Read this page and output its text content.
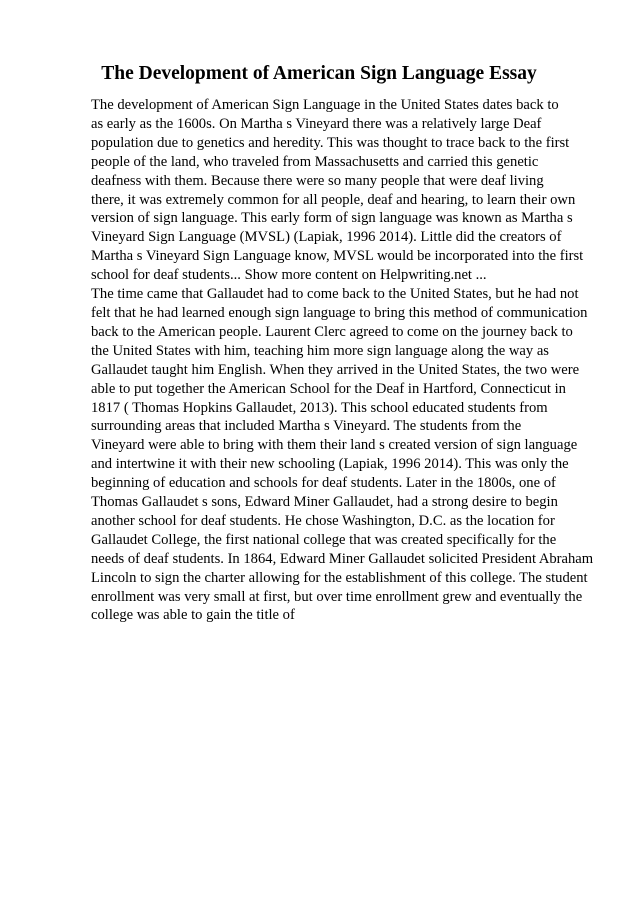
The Development of American Sign Language Essay
The development of American Sign Language in the United States dates back to
as early as the 1600s. On Martha s Vineyard there was a relatively large Deaf
population due to genetics and heredity. This was thought to trace back to the first
people of the land, who traveled from Massachusetts and carried this genetic
deafness with them. Because there were so many people that were deaf living
there, it was extremely common for all people, deaf and hearing, to learn their own
version of sign language. This early form of sign language was known as Martha s
Vineyard Sign Language (MVSL) (Lapiak, 1996 2014). Little did the creators of
Martha s Vineyard Sign Language know, MVSL would be incorporated into the first
school for deaf students... Show more content on Helpwriting.net ...
The time came that Gallaudet had to come back to the United States, but he had not
felt that he had learned enough sign language to bring this method of communication
back to the American people. Laurent Clerc agreed to come on the journey back to
the United States with him, teaching him more sign language along the way as
Gallaudet taught him English. When they arrived in the United States, the two were
able to put together the American School for the Deaf in Hartford, Connecticut in
1817 ( Thomas Hopkins Gallaudet, 2013). This school educated students from
surrounding areas that included Martha s Vineyard. The students from the
Vineyard were able to bring with them their land s created version of sign language
and intertwine it with their new schooling (Lapiak, 1996 2014). This was only the
beginning of education and schools for deaf students. Later in the 1800s, one of
Thomas Gallaudet s sons, Edward Miner Gallaudet, had a strong desire to begin
another school for deaf students. He chose Washington, D.C. as the location for
Gallaudet College, the first national college that was created specifically for the
needs of deaf students. In 1864, Edward Miner Gallaudet solicited President Abraham
Lincoln to sign the charter allowing for the establishment of this college. The student
enrollment was very small at first, but over time enrollment grew and eventually the
college was able to gain the title of
